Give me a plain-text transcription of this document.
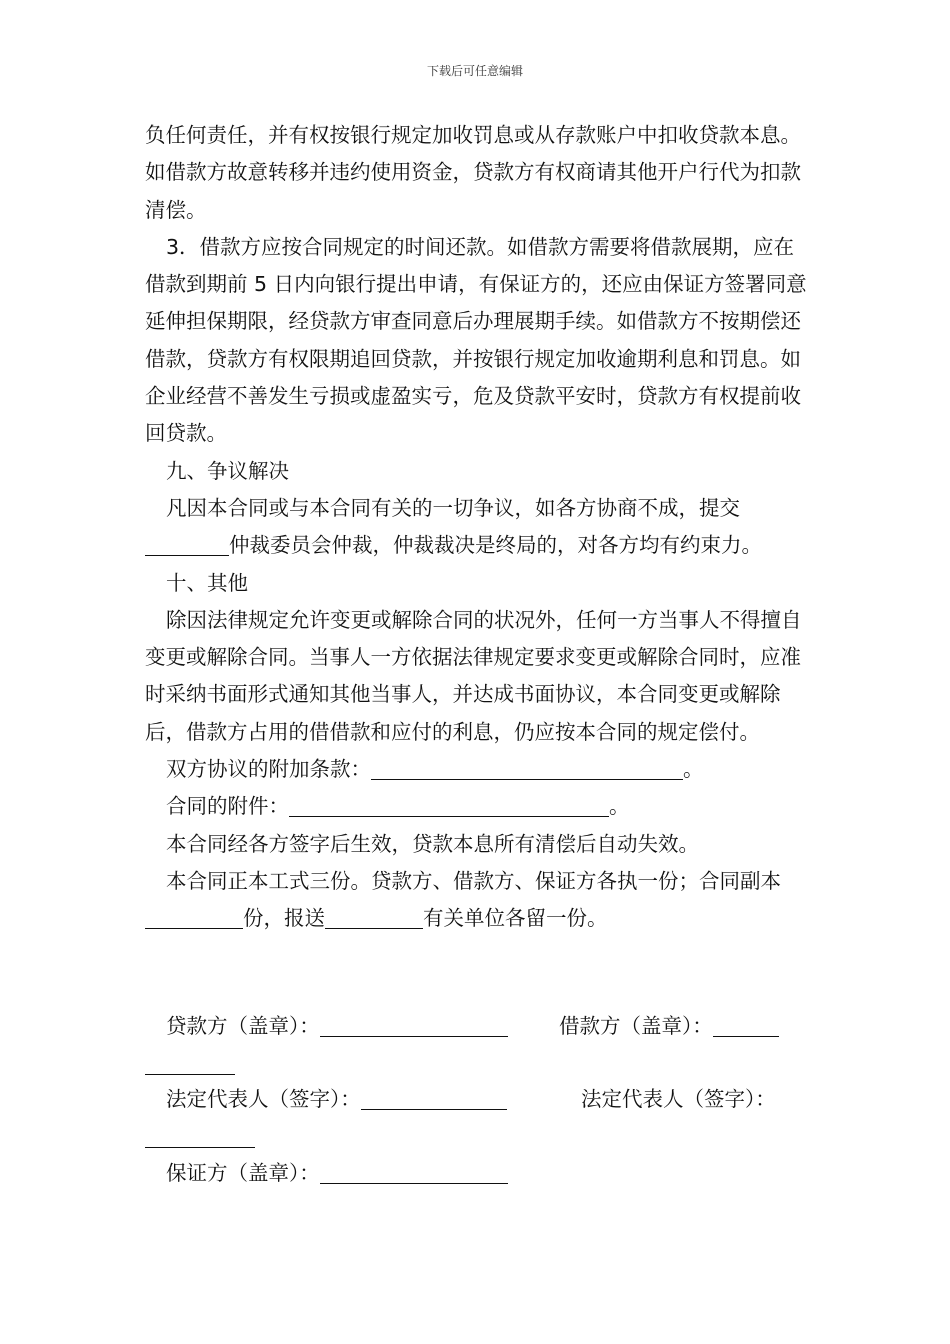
下载后可任意编辑

负任何责任，并有权按银行规定加收罚息或从存款账户中扣收贷款本息。如借款方故意转移并违约使用资金，贷款方有权商请其他开户行代为扣款清偿。

3．借款方应按合同规定的时间还款。如借款方需要将借款展期，应在借款到期前 5 日内向银行提出申请，有保证方的，还应由保证方签署同意延伸担保期限，经贷款方审查同意后办理展期手续。如借款方不按期偿还借款，贷款方有权限期追回贷款，并按银行规定加收逾期利息和罚息。如企业经营不善发生亏损或虚盈实亏，危及贷款平安时，贷款方有权提前收回贷款。

九、争议解决

凡因本合同或与本合同有关的一切争议，如各方协商不成，提交仲裁委员会仲裁，仲裁裁决是终局的，对各方均有约束力。

十、其他

除因法律规定允许变更或解除合同的状况外，任何一方当事人不得擅自变更或解除合同。当事人一方依据法律规定要求变更或解除合同时，应准时采纳书面形式通知其他当事人，并达成书面协议，本合同变更或解除后，借款方占用的借借款和应付的利息，仍应按本合同的规定偿付。

双方协议的附加条款：	。

合同的附件：	。

本合同经各方签字后生效，贷款本息所有清偿后自动失效。

本合同正本工式三份。贷款方、借款方、保证方各执一份；合同副本份，报送	有关单位各留一份。

贷款方（盖章）：	借款方（盖章）：
法定代表人（签字）：	法定代表人（签字）：
保证方（盖章）：
